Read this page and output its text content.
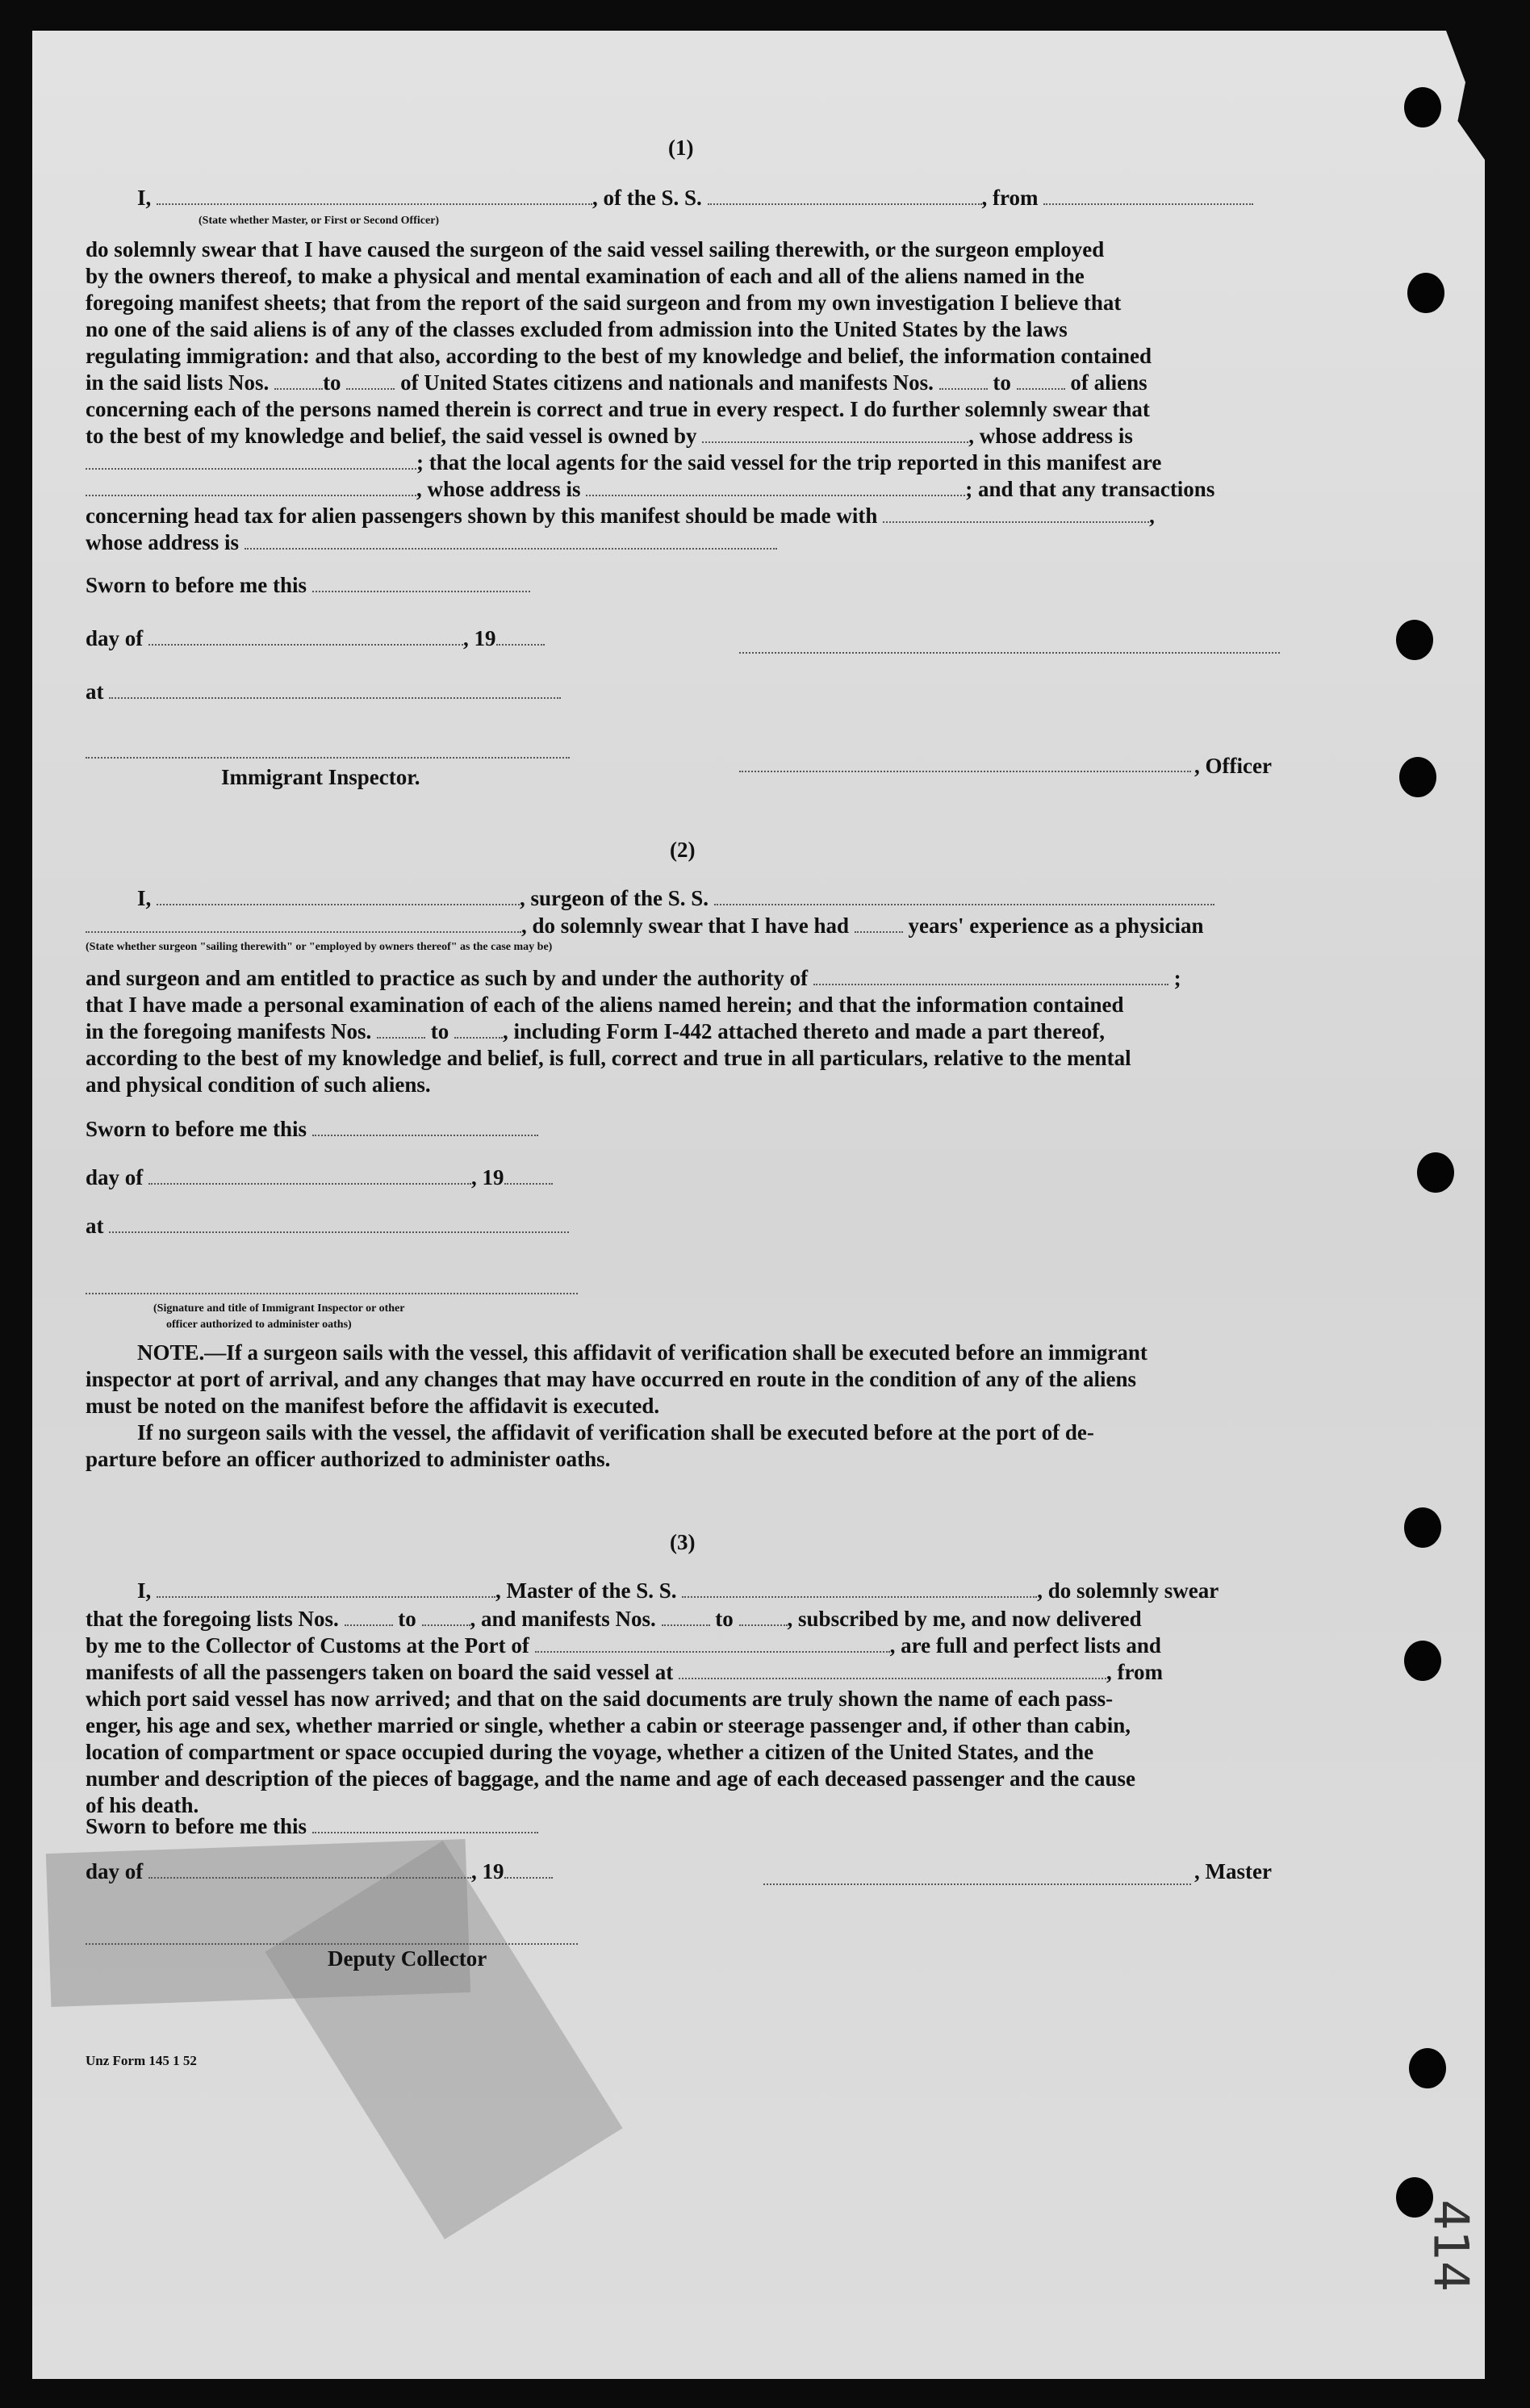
(1)
I,	, of the S. S.	, from
(State whether Master, or First or Second Officer)
do solemnly swear that I have caused the surgeon of the said vessel sailing therewith, or the surgeon employed
by the owners thereof, to make a physical and mental examination of each and all of the aliens named in the
foregoing manifest sheets; that from the report of the said surgeon and from my own investigation I believe that
no one of the said aliens is of any of the classes excluded from admission into the United States by the laws
regulating immigration: and that also, according to the best of my knowledge and belief, the information contained
in the said lists Nos. to	of United States citizens and nationals and manifests Nos.	to	of aliens
concerning each of the persons named therein is correct and true in every respect. I do further solemnly swear that
to the best of my knowledge and belief, the said vessel is owned by	, whose address is
; that the local agents for the said vessel for the trip reported in this manifest are
, whose address is	; and that any transactions
concerning head tax for alien passengers shown by this manifest should be made with	,
whose address is
Sworn to before me this
day of	, 19
at
Immigrant Inspector.	, Officer
(2)
I,	, surgeon of the S. S.
, do solemnly swear that I have had	years' experience as a physician
(State whether surgeon "sailing therewith" or "employed by owners thereof" as the case may be)
and surgeon and am entitled to practice as such by and under the authority of	;
that I have made a personal examination of each of the aliens named herein; and that the information contained
in the foregoing manifests Nos.	to , including Form I-442 attached thereto and made a part thereof,
according to the best of my knowledge and belief, is full, correct and true in all particulars, relative to the mental
and physical condition of such aliens.
Sworn to before me this
day of	, 19
at
(Signature and title of Immigrant Inspector or other
officer authorized to administer oaths)
NOTE.—If a surgeon sails with the vessel, this affidavit of verification shall be executed before an immigrant
inspector at port of arrival, and any changes that may have occurred en route in the condition of any of the aliens
must be noted on the manifest before the affidavit is executed.
If no surgeon sails with the vessel, the affidavit of verification shall be executed before at the port of de-
parture before an officer authorized to administer oaths.
(3)
I,	, Master of the S. S.	, do solemnly swear
that the foregoing lists Nos.	to , and manifests Nos.	to , subscribed by me, and now delivered
by me to the Collector of Customs at the Port of	, are full and perfect lists and
manifests of all the passengers taken on board the said vessel at	, from
which port said vessel has now arrived; and that on the said documents are truly shown the name of each pass-
enger, his age and sex, whether married or single, whether a cabin or steerage passenger and, if other than cabin,
location of compartment or space occupied during the voyage, whether a citizen of the United States, and the
number and description of the pieces of baggage, and the name and age of each deceased passenger and the cause
of his death.
Sworn to before me this
day of	, 19	, Master
Deputy Collector
Unz Form 145 1 52
414
